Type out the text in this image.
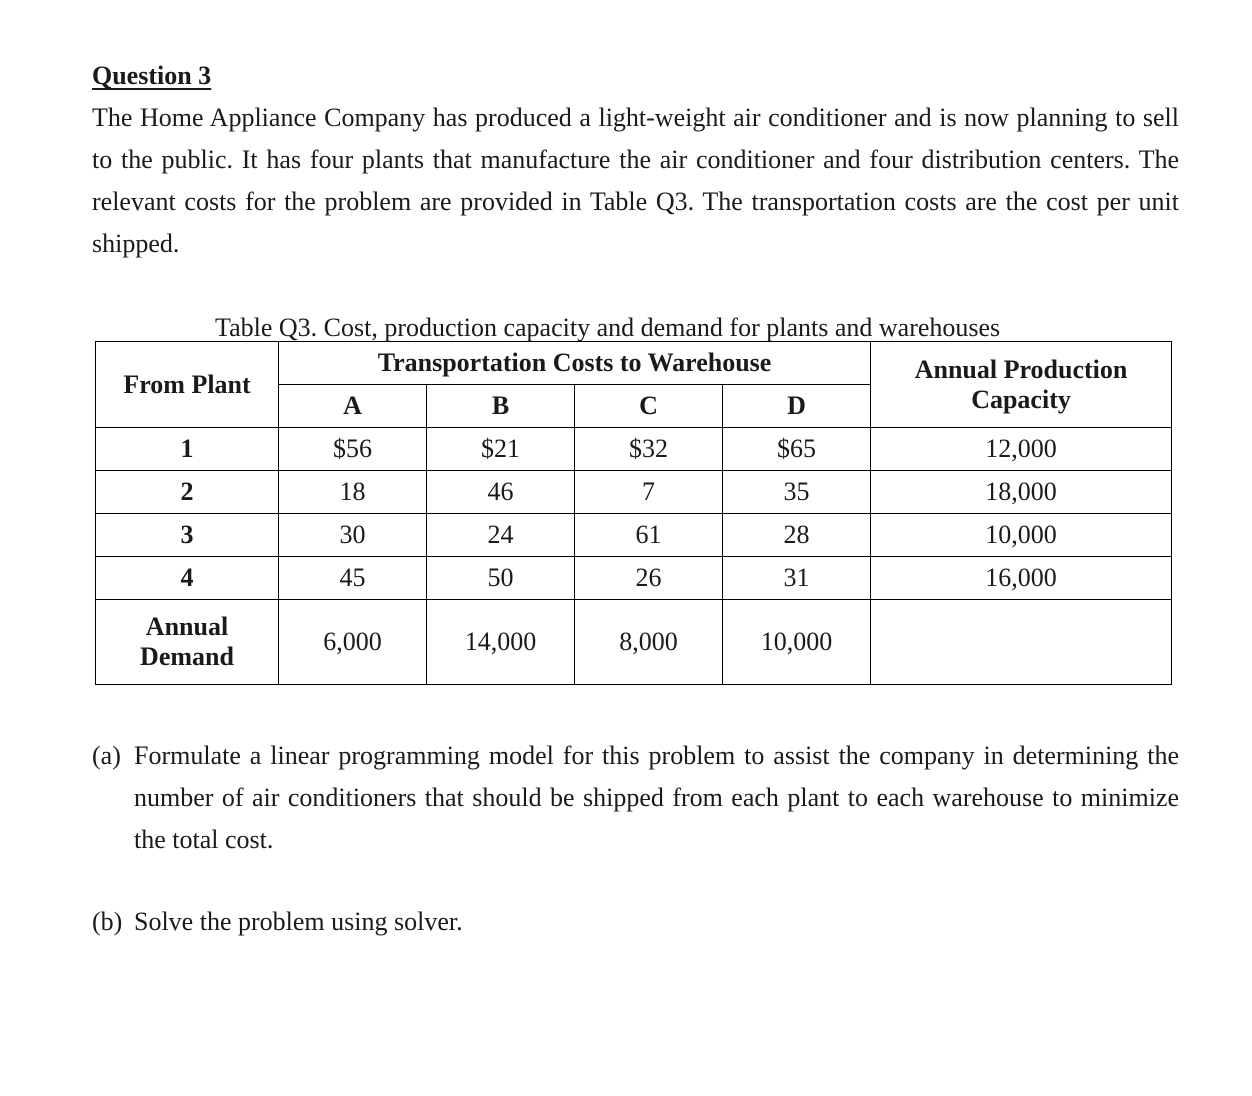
Question 3

The Home Appliance Company has produced a light-weight air conditioner and is now planning to sell to the public. It has four plants that manufacture the air conditioner and four distribution centers. The relevant costs for the problem are provided in Table Q3. The transportation costs are the cost per unit shipped.

Table Q3. Cost, production capacity and demand for plants and warehouses
From Plant	Transportation Costs to Warehouse				Annual Production Capacity
	A	B	C	D	
1	$56	$21	$32	$65	12,000
2	18	46	7	35	18,000
3	30	24	61	28	10,000
4	45	50	26	31	16,000

Annual
Demand	6,000	14,000	8,000	10,000	
(a) Formulate a linear programming model for this problem to assist the company in determining the number of air conditioners that should be shipped from each plant to each warehouse to minimize the total cost.
(b) Solve the problem using solver.
